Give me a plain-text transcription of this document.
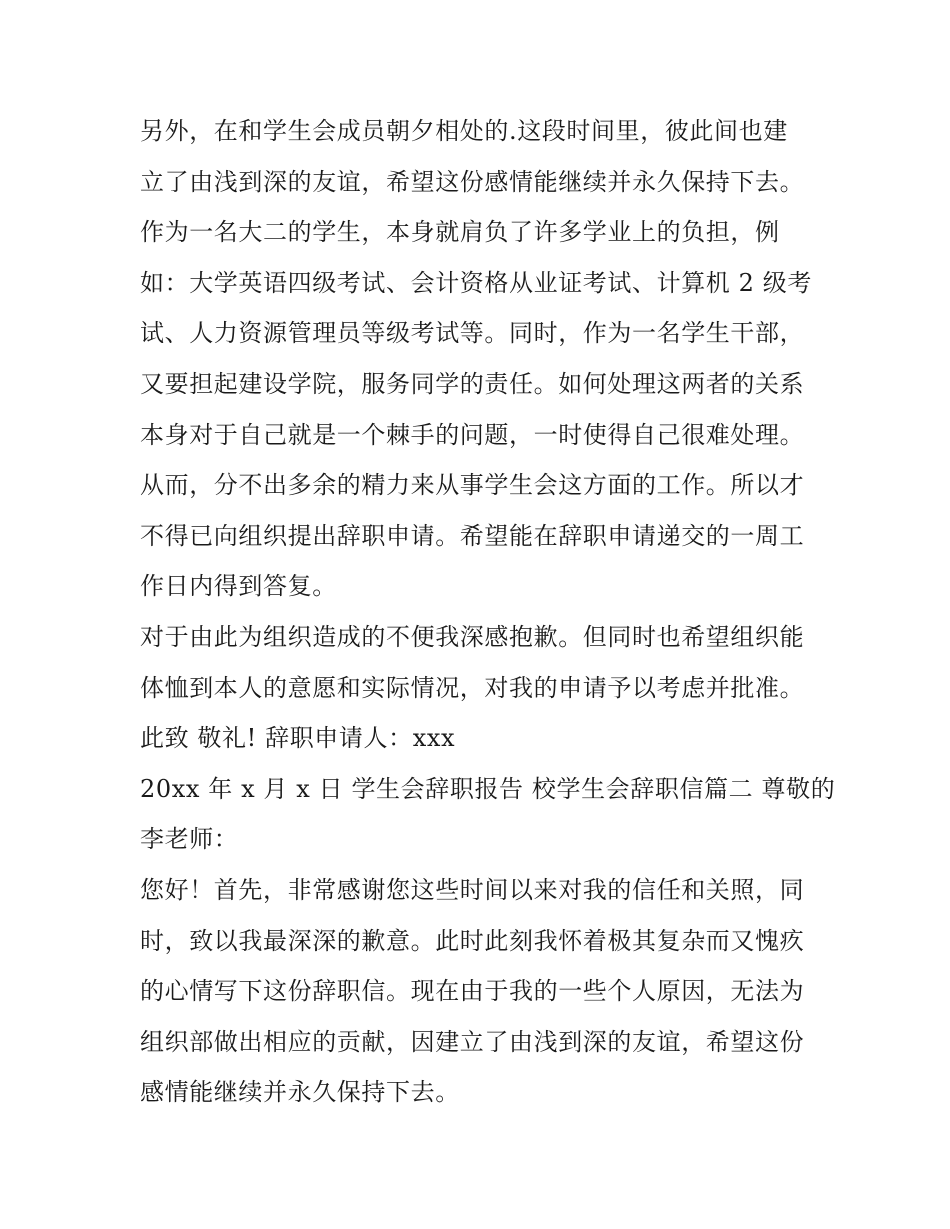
另外，在和学生会成员朝夕相处的.这段时间里，彼此间也建
立了由浅到深的友谊，希望这份感情能继续并永久保持下去。
作为一名大二的学生，本身就肩负了许多学业上的负担，例
如：大学英语四级考试、会计资格从业证考试、计算机 2 级考
试、人力资源管理员等级考试等。同时，作为一名学生干部，
又要担起建设学院，服务同学的责任。如何处理这两者的关系
本身对于自己就是一个棘手的问题，一时使得自己很难处理。
从而，分不出多余的精力来从事学生会这方面的工作。所以才
不得已向组织提出辞职申请。希望能在辞职申请递交的一周工
作日内得到答复。
对于由此为组织造成的不便我深感抱歉。但同时也希望组织能
体恤到本人的意愿和实际情况，对我的申请予以考虑并批准。
此致 敬礼! 辞职申请人：xxx
20xx 年 x 月 x 日 学生会辞职报告 校学生会辞职信篇二 尊敬的
李老师：
您好！首先，非常感谢您这些时间以来对我的信任和关照，同
时，致以我最深深的歉意。此时此刻我怀着极其复杂而又愧疚
的心情写下这份辞职信。现在由于我的一些个人原因，无法为
组织部做出相应的贡献，因建立了由浅到深的友谊，希望这份
感情能继续并永久保持下去。
